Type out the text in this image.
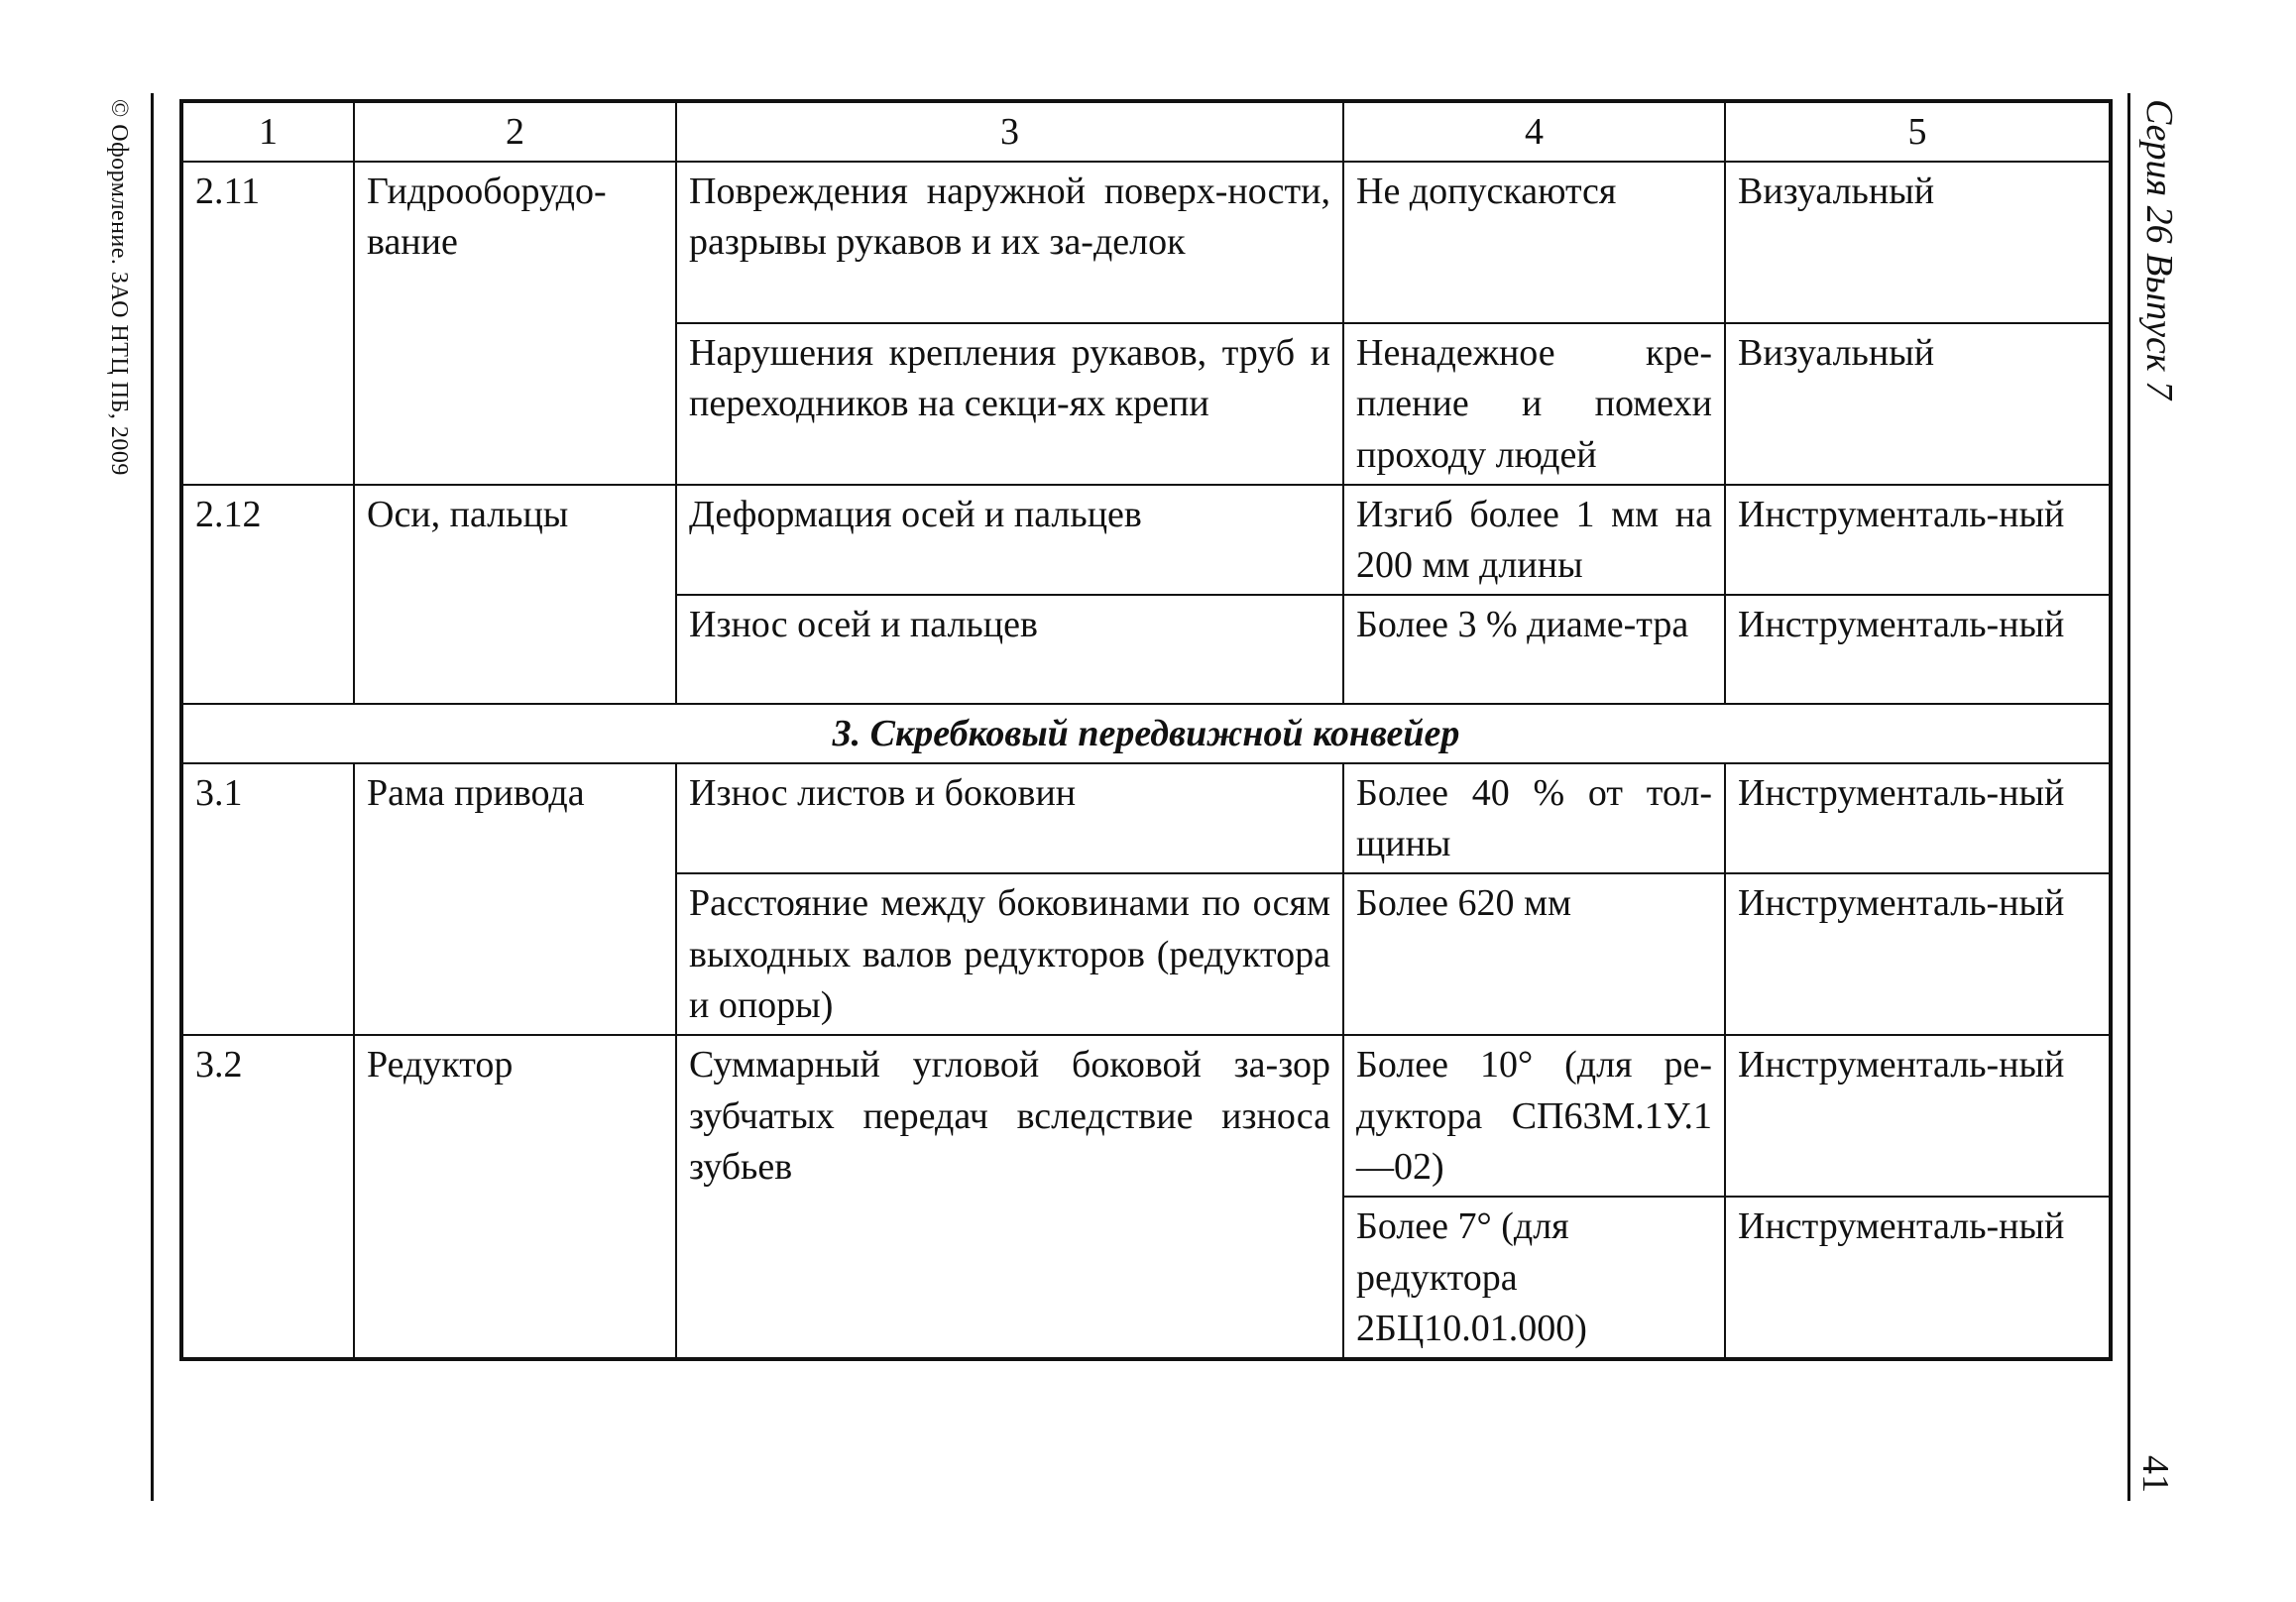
© Оформление. ЗАО НТЦ ПБ, 2009	Серия 26 Выпуск 7
41
1	2	3	4	5
2.11	Гидрооборудо-вание	Повреждения наружной поверх-ности, разрывы рукавов и их за-делок	Не допускаются	Визуальный
		Нарушения крепления рукавов, труб и переходников на секци-ях крепи	Ненадежное кре-пление и помехи проходу людей	Визуальный
2.12	Оси, пальцы	Деформация осей и пальцев	Изгиб более 1 мм на 200 мм длины	Инструменталь-ный
		Износ осей и пальцев	Более 3 % диаме-тра	Инструменталь-ный
3. Скребковый передвижной конвейер				
3.1	Рама привода	Износ листов и боковин	Более 40 % от тол-щины	Инструменталь-ный
		Расстояние между боковинами по осям выходных валов редукторов (редуктора и опоры)	Более 620 мм	Инструменталь-ный
3.2	Редуктор	Суммарный угловой боковой за-зор зубчатых передач вследствие износа зубьев	Более 10° (для ре-дуктора СП63М.1У.1—02)	Инструменталь-ный
			Более 7° (для редуктора 2БЦ10.01.000)	Инструменталь-ный
